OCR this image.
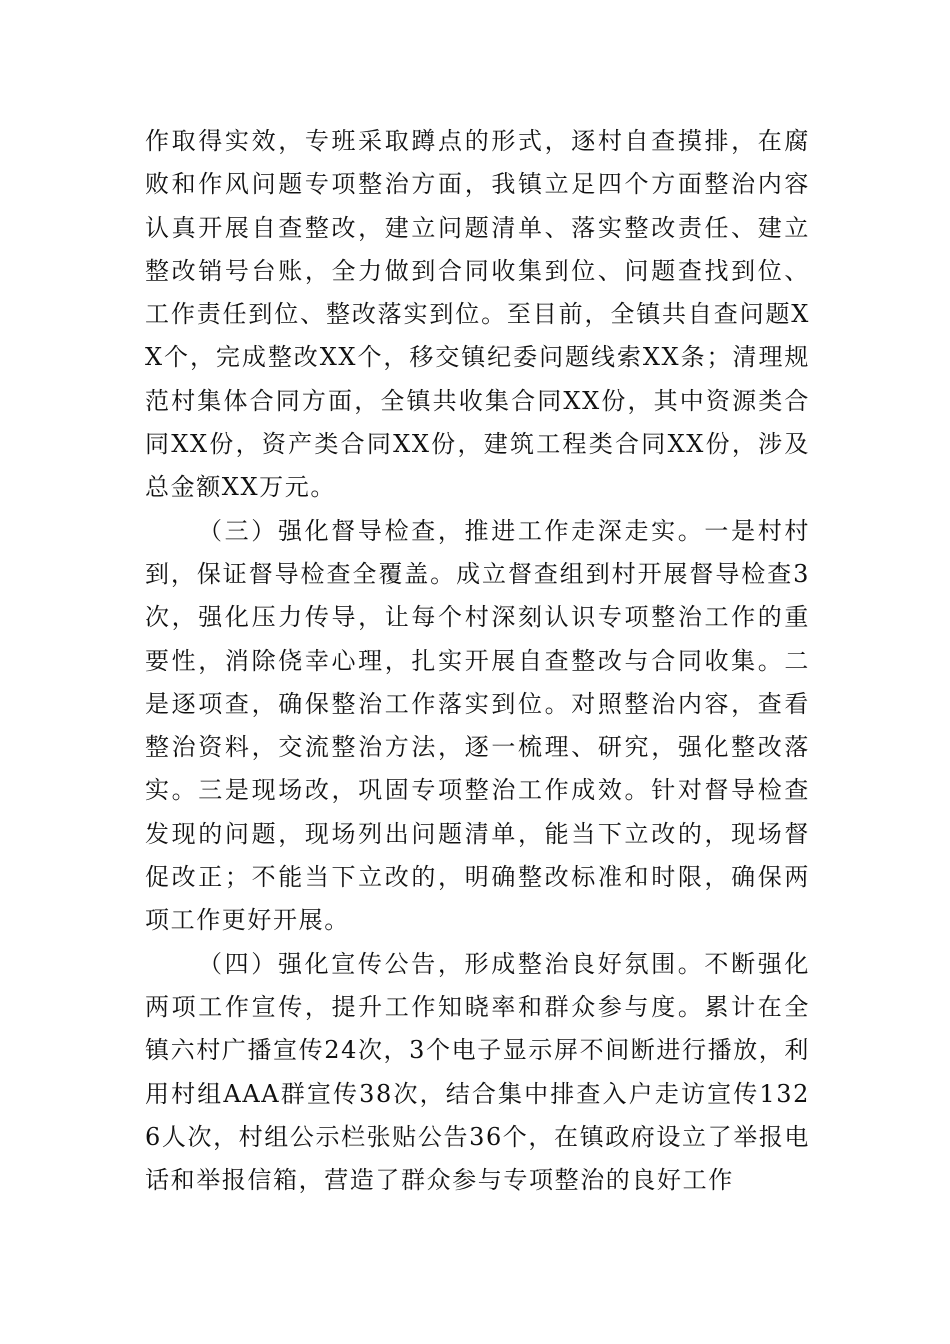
作取得实效，专班采取蹲点的形式，逐村自查摸排，在腐败和作风问题专项整治方面，我镇立足四个方面整治内容认真开展自查整改，建立问题清单、落实整改责任、建立整改销号台账，全力做到合同收集到位、问题查找到位、工作责任到位、整改落实到位。至目前，全镇共自查问题XX个，完成整改XX个，移交镇纪委问题线索XX条；清理规范村集体合同方面，全镇共收集合同XX份，其中资源类合同XX份，资产类合同XX份，建筑工程类合同XX份，涉及总金额XX万元。

（三）强化督导检查，推进工作走深走实。一是村村到，保证督导检查全覆盖。成立督查组到村开展督导检查3次，强化压力传导，让每个村深刻认识专项整治工作的重要性，消除侥幸心理，扎实开展自查整改与合同收集。二是逐项查，确保整治工作落实到位。对照整治内容，查看整治资料，交流整治方法，逐一梳理、研究，强化整改落实。三是现场改，巩固专项整治工作成效。针对督导检查发现的问题，现场列出问题清单，能当下立改的，现场督促改正；不能当下立改的，明确整改标准和时限，确保两项工作更好开展。

（四）强化宣传公告，形成整治良好氛围。不断强化两项工作宣传，提升工作知晓率和群众参与度。累计在全镇六村广播宣传24次，3个电子显示屏不间断进行播放，利用村组AAA群宣传38次，结合集中排查入户走访宣传1326人次，村组公示栏张贴公告36个，在镇政府设立了举报电话和举报信箱，营造了群众参与专项整治的良好工作
